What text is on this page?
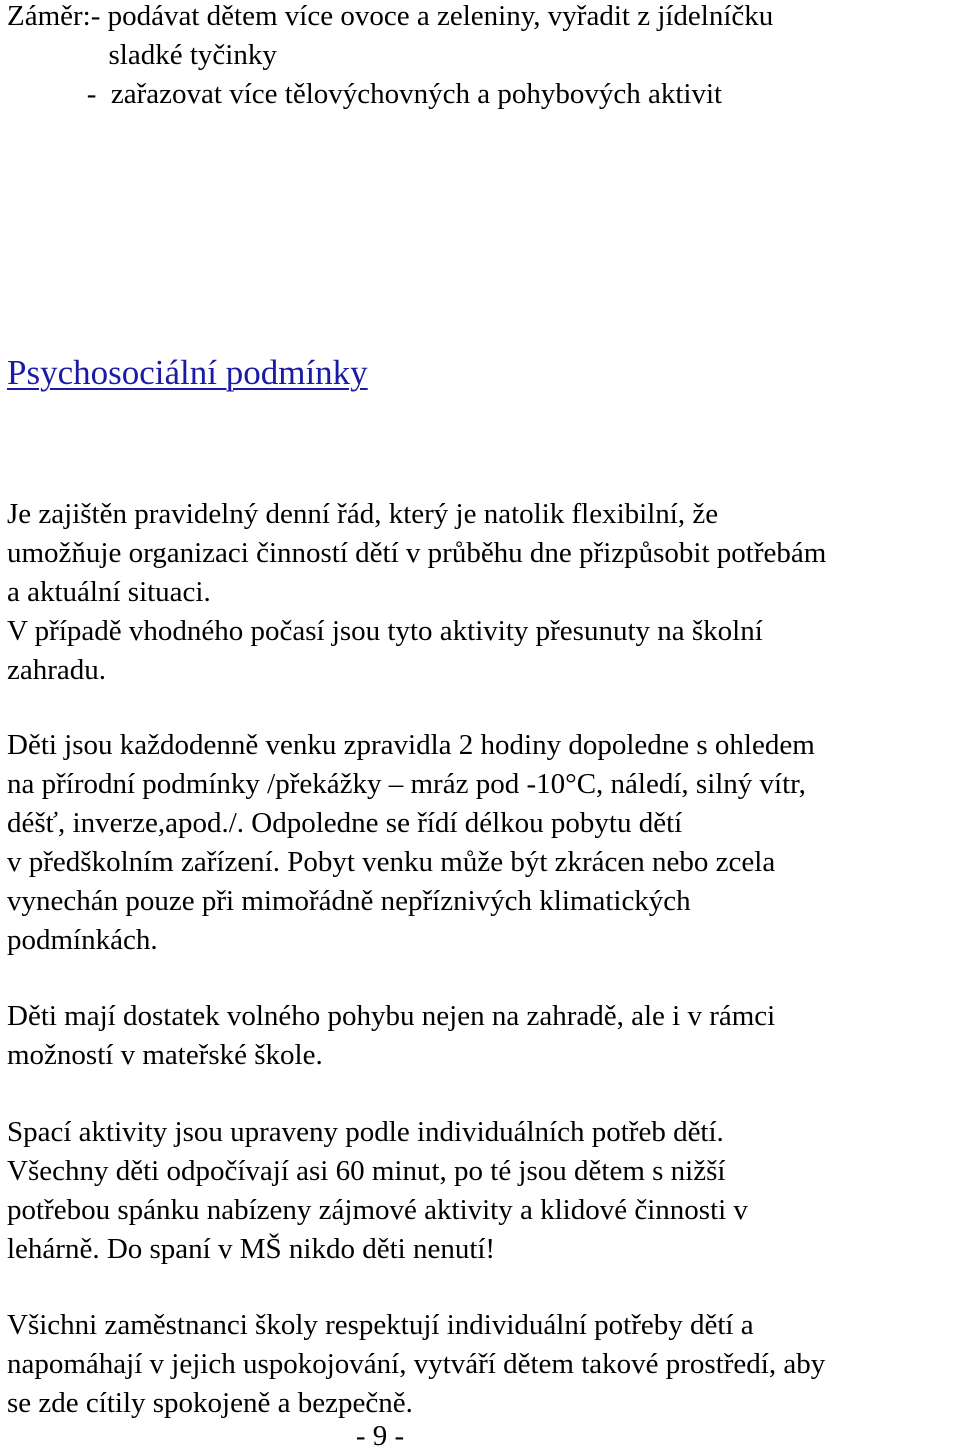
Záměr:- podávat dětem více ovoce a zeleniny, vyřadit z jídelníčku
sladké tyčinky
-  zařazovat více tělovýchovných a pohybových aktivit
Psychosociální podmínky
Je zajištěn pravidelný denní řád, který je natolik flexibilní, že
umožňuje organizaci činností dětí v průběhu dne přizpůsobit potřebám
a aktuální situaci.
V případě vhodného počasí jsou tyto aktivity přesunuty na školní
zahradu.
Děti jsou každodenně venku zpravidla 2 hodiny dopoledne s ohledem
na přírodní podmínky /překážky – mráz pod -10°C, náledí, silný vítr,
déšť, inverze,apod./. Odpoledne se řídí délkou pobytu dětí
v předškolním zařízení. Pobyt venku může být zkrácen nebo zcela
vynechán pouze při mimořádně nepříznivých klimatických
podmínkách.
Děti mají dostatek volného pohybu nejen na zahradě, ale i v rámci
možností v mateřské škole.
Spací aktivity jsou upraveny podle individuálních potřeb dětí.
Všechny děti odpočívají asi 60 minut, po té jsou dětem s nižší
potřebou spánku nabízeny zájmové aktivity a klidové činnosti v
lehárně. Do spaní v MŠ nikdo děti nenutí!
Všichni zaměstnanci školy respektují individuální potřeby dětí a
napomáhají v jejich uspokojování, vytváří dětem takové prostředí, aby
se zde cítily spokojeně a bezpečně.
- 9 -
